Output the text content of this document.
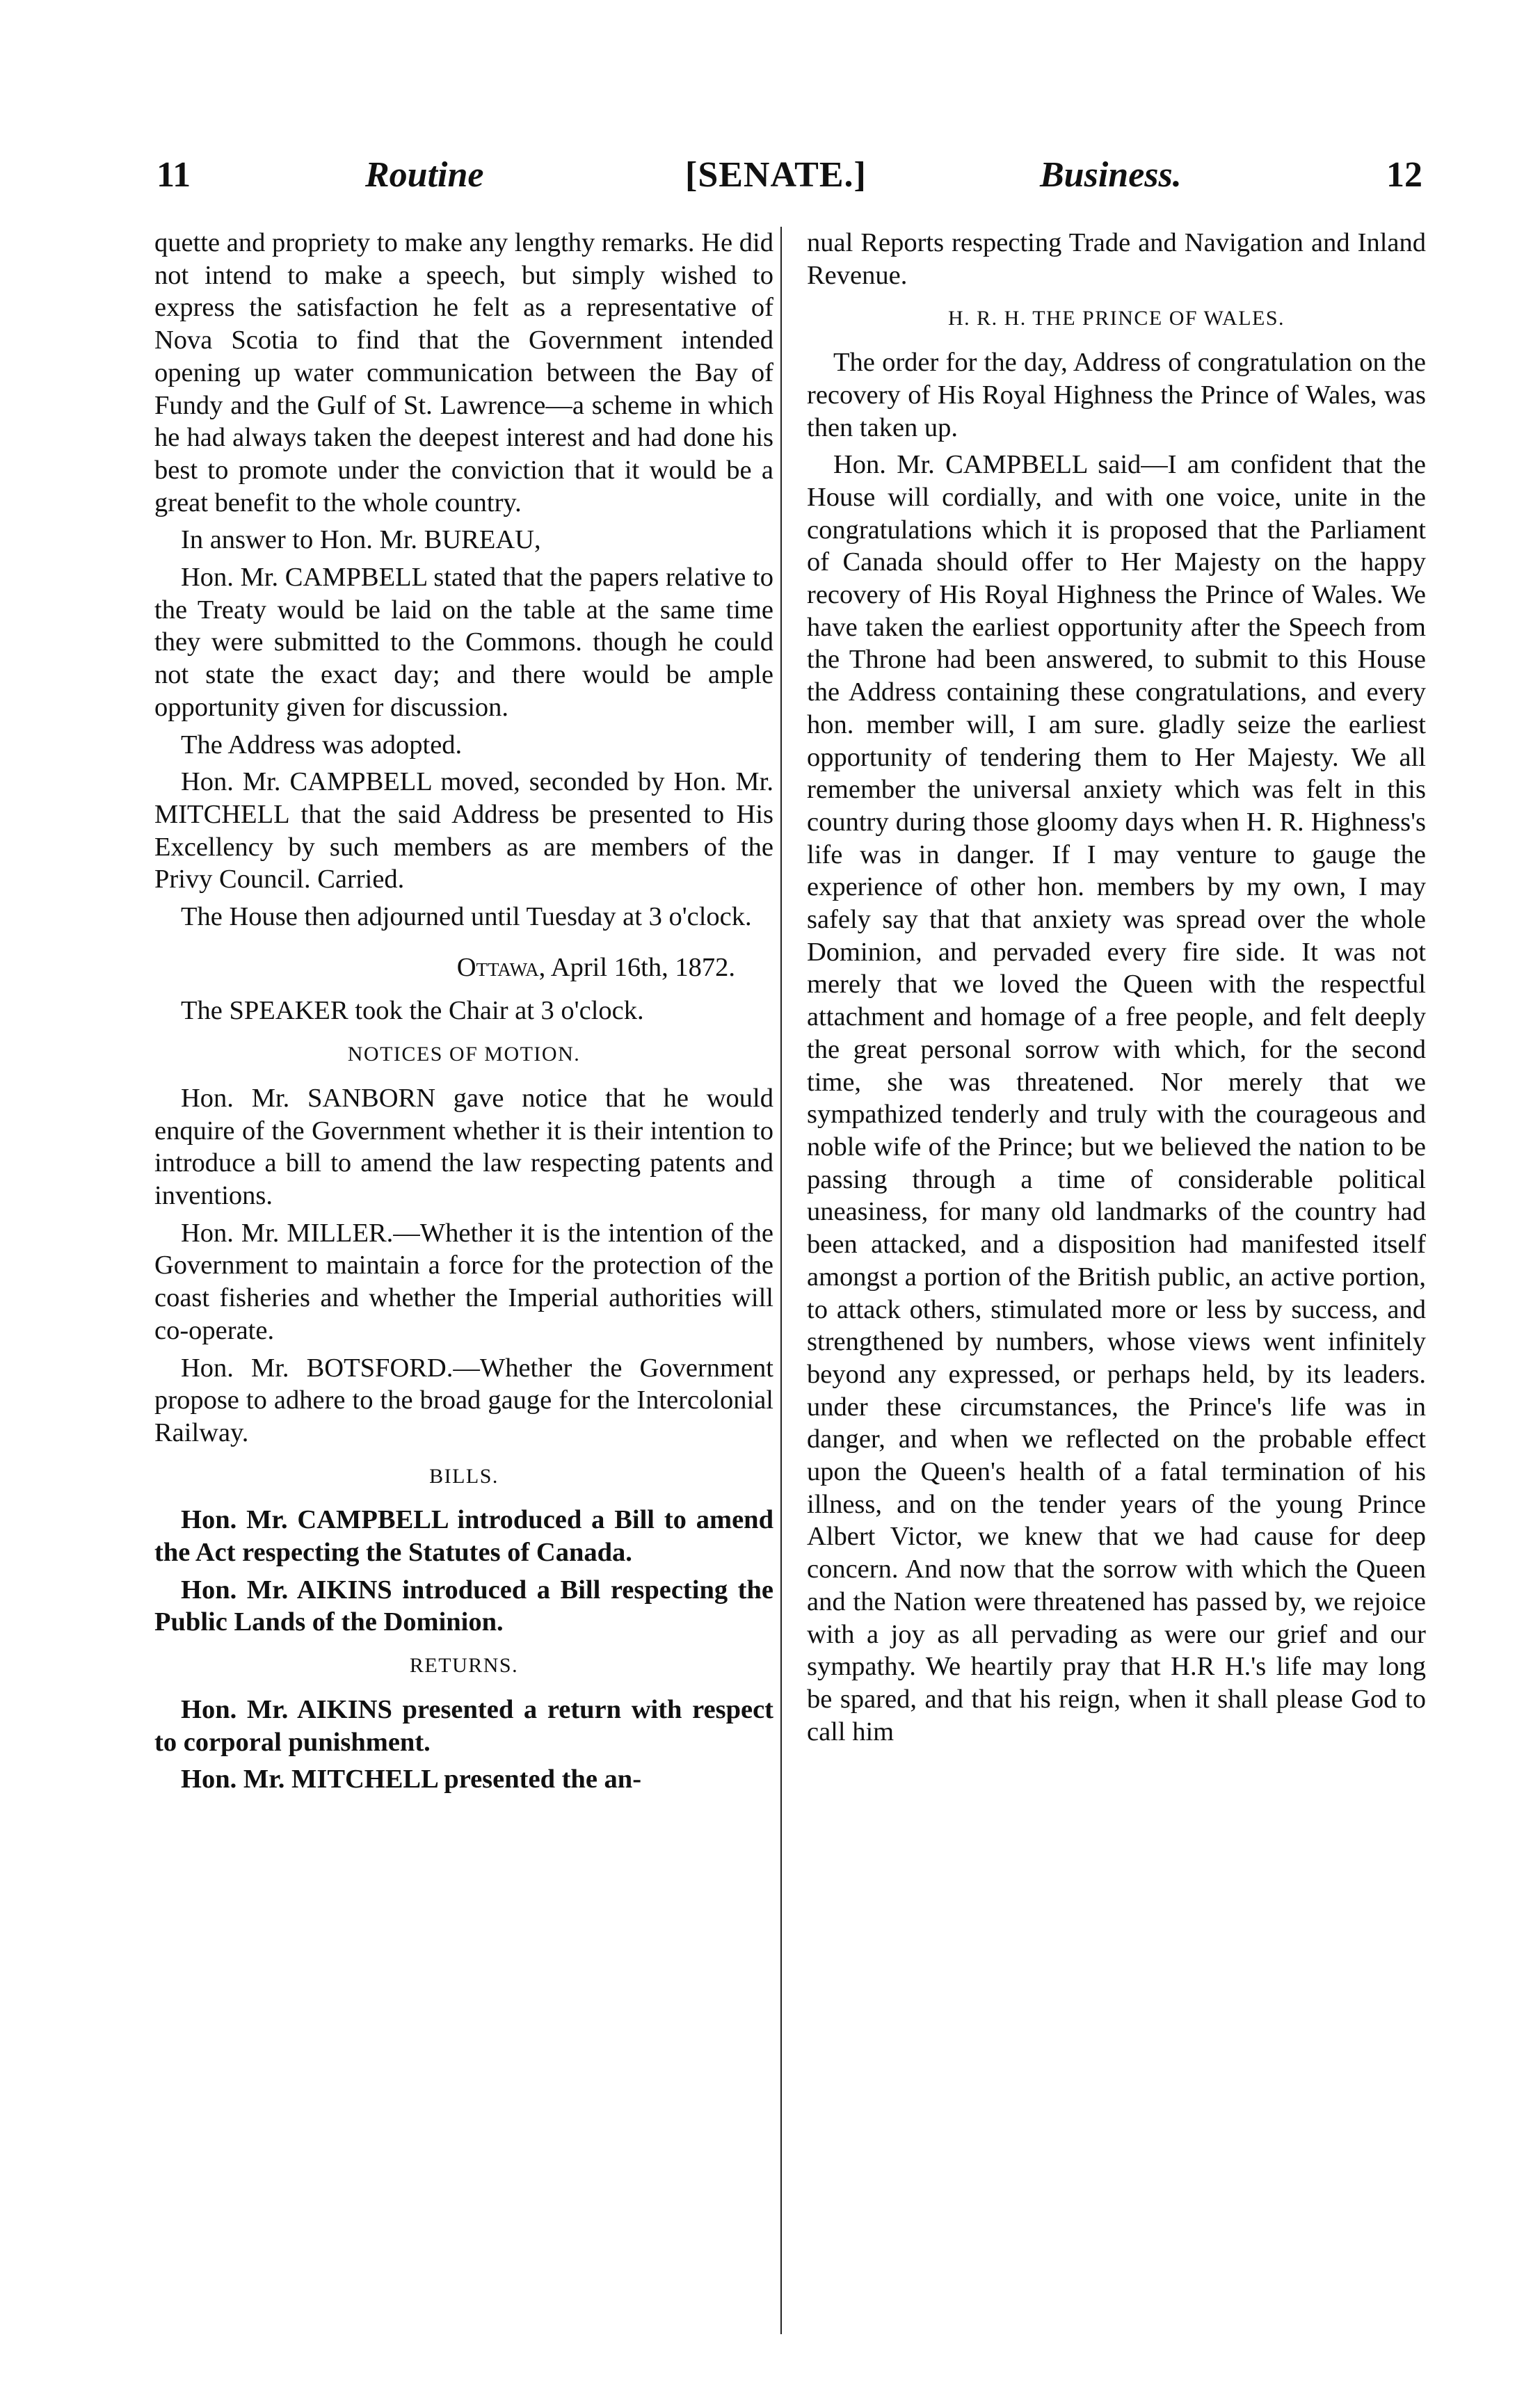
11	Routine	[SENATE.]	Business.	12

quette and propriety to make any lengthy remarks. He did not intend to make a speech, but simply wished to express the satisfaction he felt as a representative of Nova Scotia to find that the Government intended opening up water communication between the Bay of Fundy and the Gulf of St. Lawrence—a scheme in which he had always taken the deepest interest and had done his best to promote under the conviction that it would be a great benefit to the whole country.

In answer to Hon. Mr. BUREAU,

Hon. Mr. CAMPBELL stated that the papers relative to the Treaty would be laid on the table at the same time they were submitted to the Commons. though he could not state the exact day; and there would be ample opportunity given for discussion.

The Address was adopted.

Hon. Mr. CAMPBELL moved, seconded by Hon. Mr. MITCHELL that the said Address be presented to His Excellency by such members as are members of the Privy Council. Carried.

The House then adjourned until Tuesday at 3 o'clock.

Ottawa, April 16th, 1872.

The SPEAKER took the Chair at 3 o'clock.

NOTICES OF MOTION.

Hon. Mr. SANBORN gave notice that he would enquire of the Government whether it is their intention to introduce a bill to amend the law respecting patents and inventions.

Hon. Mr. MILLER.—Whether it is the intention of the Government to maintain a force for the protection of the coast fisheries and whether the Imperial authorities will co-operate.

Hon. Mr. BOTSFORD.—Whether the Government propose to adhere to the broad gauge for the Intercolonial Railway.

BILLS.

Hon. Mr. CAMPBELL introduced a Bill to amend the Act respecting the Statutes of Canada.

Hon. Mr. AIKINS introduced a Bill respecting the Public Lands of the Dominion.

RETURNS.

Hon. Mr. AIKINS presented a return with respect to corporal punishment.

Hon. Mr. MITCHELL presented the an-

nual Reports respecting Trade and Navigation and Inland Revenue.

H. R. H. THE PRINCE OF WALES.

The order for the day, Address of congratulation on the recovery of His Royal Highness the Prince of Wales, was then taken up.

Hon. Mr. CAMPBELL said—I am confident that the House will cordially, and with one voice, unite in the congratulations which it is proposed that the Parliament of Canada should offer to Her Majesty on the happy recovery of His Royal Highness the Prince of Wales. We have taken the earliest opportunity after the Speech from the Throne had been answered, to submit to this House the Address containing these congratulations, and every hon. member will, I am sure. gladly seize the earliest opportunity of tendering them to Her Majesty. We all remember the universal anxiety which was felt in this country during those gloomy days when H. R. Highness's life was in danger. If I may venture to gauge the experience of other hon. members by my own, I may safely say that that anxiety was spread over the whole Dominion, and pervaded every fire side. It was not merely that we loved the Queen with the respectful attachment and homage of a free people, and felt deeply the great personal sorrow with which, for the second time, she was threatened. Nor merely that we sympathized tenderly and truly with the courageous and noble wife of the Prince; but we believed the nation to be passing through a time of considerable political uneasiness, for many old landmarks of the country had been attacked, and a disposition had manifested itself amongst a portion of the British public, an active portion, to attack others, stimulated more or less by success, and strengthened by numbers, whose views went infinitely beyond any expressed, or perhaps held, by its leaders. under these circumstances, the Prince's life was in danger, and when we reflected on the probable effect upon the Queen's health of a fatal termination of his illness, and on the tender years of the young Prince Albert Victor, we knew that we had cause for deep concern. And now that the sorrow with which the Queen and the Nation were threatened has passed by, we rejoice with a joy as all pervading as were our grief and our sympathy. We heartily pray that H.R H.'s life may long be spared, and that his reign, when it shall please God to call him
